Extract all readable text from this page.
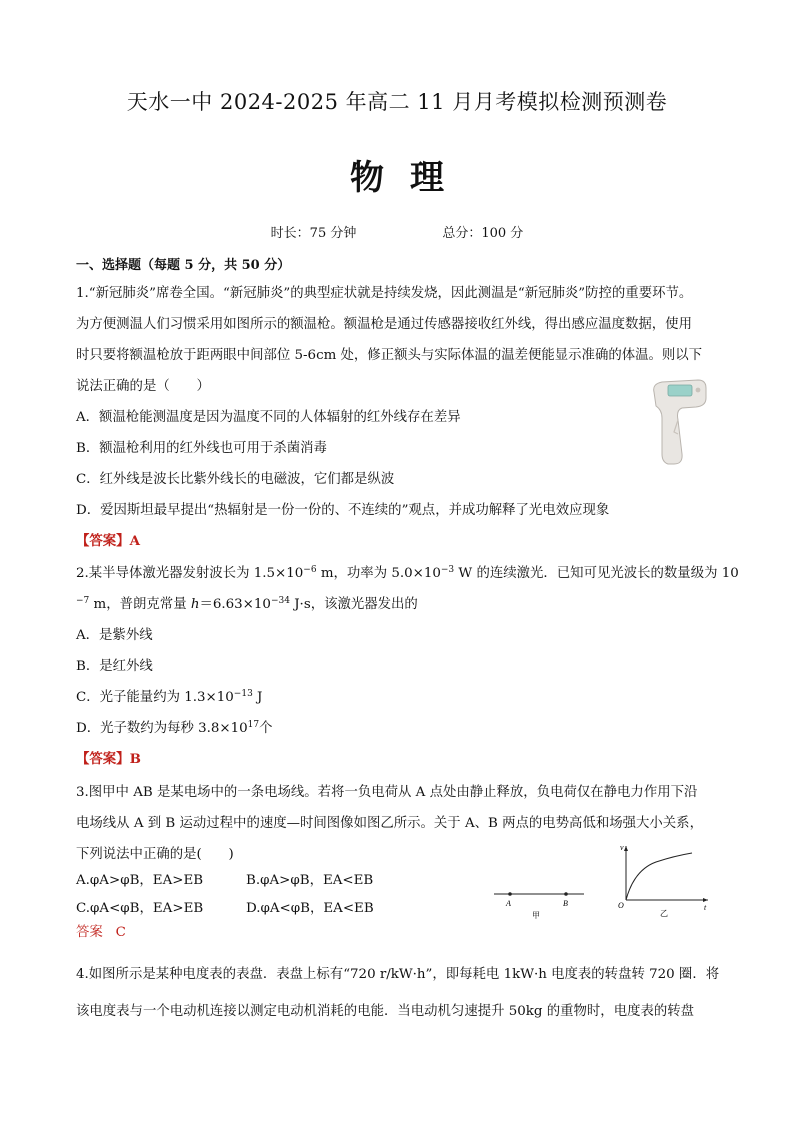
天水一中 2024-2025 年高二 11 月月考模拟检测预测卷
物理
时长：75 分钟	总分：100 分
一、选择题（每题 5 分，共 50 分）
1.“新冠肺炎”席卷全国。“新冠肺炎”的典型症状就是持续发烧，因此测温是“新冠肺炎”防控的重要环节。
为方便测温人们习惯采用如图所示的额温枪。额温枪是通过传感器接收红外线，得出感应温度数据，使用
时只要将额温枪放于距两眼中间部位 5-6cm 处，修正额头与实际体温的温差便能显示准确的体温。则以下
说法正确的是（　　）
A．额温枪能测温度是因为温度不同的人体辐射的红外线存在差异
B．额温枪利用的红外线也可用于杀菌消毒
C．红外线是波长比紫外线长的电磁波，它们都是纵波
D．爱因斯坦最早提出“热辐射是一份一份的、不连续的”观点，并成功解释了光电效应现象
【答案】A
2.某半导体激光器发射波长为 $1.5\times 10^{-6}$ m，功率为 $5.0\times 10^{-3}$ W 的连续激光．已知可见光波长的数量级为 10
$^{-7}$ m，普朗克常量 $h=6.63\times 10^{-34}$ J·s，该激光器发出的
A．是紫外线
B．是红外线
C．光子能量约为 $1.3\times 10^{-13}$ J
D．光子数约为每秒 $3.8\times 10^{17}$个
【答案】B
3.图甲中 AB 是某电场中的一条电场线。若将一负电荷从 A 点处由静止释放，负电荷仅在静电力作用下沿
电场线从 A 到 B 运动过程中的速度—时间图像如图乙所示。关于 A、B 两点的电势高低和场强大小关系，
下列说法中正确的是(　　)
A.φA>φB，EA>EB	B.φA>φB，EA<EB
C.φA<φB，EA>EB	D.φA<φB，EA<EB
答案 C
A	B
甲
v
O	t
乙
4.如图所示是某种电度表的表盘．表盘上标有“720 r/kW·h”，即每耗电 1kW·h 电度表的转盘转 720 圈．将
该电度表与一个电动机连接以测定电动机消耗的电能．当电动机匀速提升 50kg 的重物时，电度表的转盘
